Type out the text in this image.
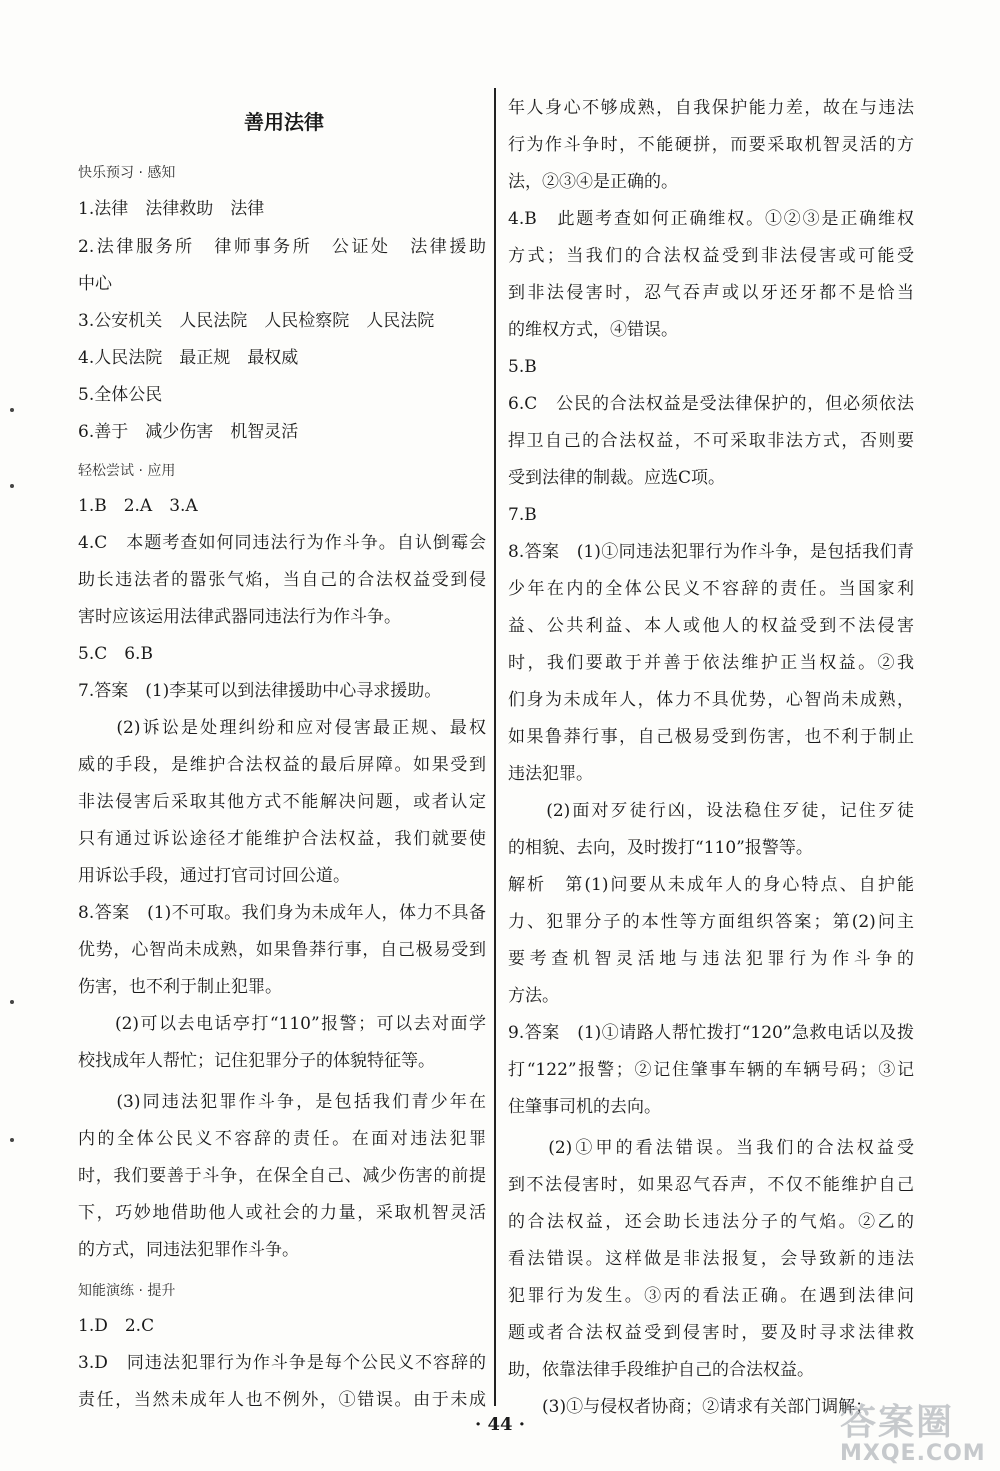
善用法律
快乐预习 · 感知
1.法律　法律救助　法律
2.法律服务所　律师事务所　公证处　法律援助
中心
3.公安机关　人民法院　人民检察院　人民法院
4.人民法院　最正规　最权威
5.全体公民
6.善于　减少伤害　机智灵活
轻松尝试 · 应用
1.B　2.A　3.A
4.C　本题考查如何同违法行为作斗争。自认倒霉会
助长违法者的嚣张气焰，当自己的合法权益受到侵
害时应该运用法律武器同违法行为作斗争。
5.C　6.B
7.答案　(1)李某可以到法律援助中心寻求援助。
　　(2)诉讼是处理纠纷和应对侵害最正规、最权
威的手段，是维护合法权益的最后屏障。如果受到
非法侵害后采取其他方式不能解决问题，或者认定
只有通过诉讼途径才能维护合法权益，我们就要使
用诉讼手段，通过打官司讨回公道。
8.答案　(1)不可取。我们身为未成年人，体力不具备
优势，心智尚未成熟，如果鲁莽行事，自己极易受到
伤害，也不利于制止犯罪。
　　(2)可以去电话亭打“110”报警；可以去对面学
校找成年人帮忙；记住犯罪分子的体貌特征等。
　　(3)同违法犯罪作斗争，是包括我们青少年在
内的全体公民义不容辞的责任。在面对违法犯罪
时，我们要善于斗争，在保全自己、减少伤害的前提
下，巧妙地借助他人或社会的力量，采取机智灵活
的方式，同违法犯罪作斗争。
知能演练 · 提升
1.D　2.C
3.D　同违法犯罪行为作斗争是每个公民义不容辞的
责任，当然未成年人也不例外，①错误。由于未成
年人身心不够成熟，自我保护能力差，故在与违法
行为作斗争时，不能硬拼，而要采取机智灵活的方
法，②③④是正确的。
4.B　此题考查如何正确维权。①②③是正确维权
方式；当我们的合法权益受到非法侵害或可能受
到非法侵害时，忍气吞声或以牙还牙都不是恰当
的维权方式，④错误。
5.B
6.C　公民的合法权益是受法律保护的，但必须依法
捍卫自己的合法权益，不可采取非法方式，否则要
受到法律的制裁。应选C项。
7.B
8.答案　(1)①同违法犯罪行为作斗争，是包括我们青
少年在内的全体公民义不容辞的责任。当国家利
益、公共利益、本人或他人的权益受到不法侵害
时，我们要敢于并善于依法维护正当权益。②我
们身为未成年人，体力不具优势，心智尚未成熟，
如果鲁莽行事，自己极易受到伤害，也不利于制止
违法犯罪。
　　(2)面对歹徒行凶，设法稳住歹徒，记住歹徒
的相貌、去向，及时拨打“110”报警等。
解析　第(1)问要从未成年人的身心特点、自护能
力、犯罪分子的本性等方面组织答案；第(2)问主
要考查机智灵活地与违法犯罪行为作斗争的
方法。
9.答案　(1)①请路人帮忙拨打“120”急救电话以及拨
打“122”报警；②记住肇事车辆的车辆号码；③记
住肇事司机的去向。
　　(2)①甲的看法错误。当我们的合法权益受
到不法侵害时，如果忍气吞声，不仅不能维护自己
的合法权益，还会助长违法分子的气焰。②乙的
看法错误。这样做是非法报复，会导致新的违法
犯罪行为发生。③丙的看法正确。在遇到法律问
题或者合法权益受到侵害时，要及时寻求法律救
助，依靠法律手段维护自己的合法权益。
　　(3)①与侵权者协商；②请求有关部门调解；
· 44 ·	答案圈
MXQE.COM
